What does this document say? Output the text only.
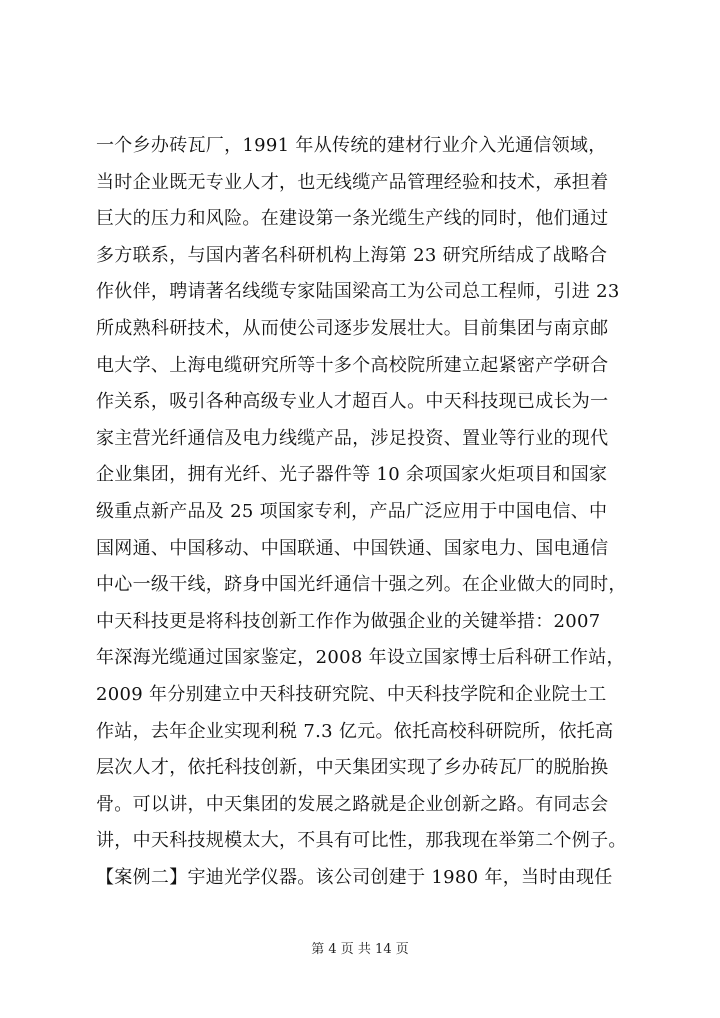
一个乡办砖瓦厂，1991 年从传统的建材行业介入光通信领域，
当时企业既无专业人才，也无线缆产品管理经验和技术，承担着
巨大的压力和风险。在建设第一条光缆生产线的同时，他们通过
多方联系，与国内著名科研机构上海第 23 研究所结成了战略合
作伙伴，聘请著名线缆专家陆国梁高工为公司总工程师，引进 23
所成熟科研技术，从而使公司逐步发展壮大。目前集团与南京邮
电大学、上海电缆研究所等十多个高校院所建立起紧密产学研合
作关系，吸引各种高级专业人才超百人。中天科技现已成长为一
家主营光纤通信及电力线缆产品，涉足投资、置业等行业的现代
企业集团，拥有光纤、光子器件等 10 余项国家火炬项目和国家
级重点新产品及 25 项国家专利，产品广泛应用于中国电信、中
国网通、中国移动、中国联通、中国铁通、国家电力、国电通信
中心一级干线，跻身中国光纤通信十强之列。在企业做大的同时，
中天科技更是将科技创新工作作为做强企业的关键举措：2007
年深海光缆通过国家鉴定，2008 年设立国家博士后科研工作站，
2009 年分别建立中天科技研究院、中天科技学院和企业院士工
作站，去年企业实现利税 7.3 亿元。依托高校科研院所，依托高
层次人才，依托科技创新，中天集团实现了乡办砖瓦厂的脱胎换
骨。可以讲，中天集团的发展之路就是企业创新之路。有同志会
讲，中天科技规模太大，不具有可比性，那我现在举第二个例子。
【案例二】宇迪光学仪器。该公司创建于 1980 年，当时由现任
第 4 页 共 14 页
